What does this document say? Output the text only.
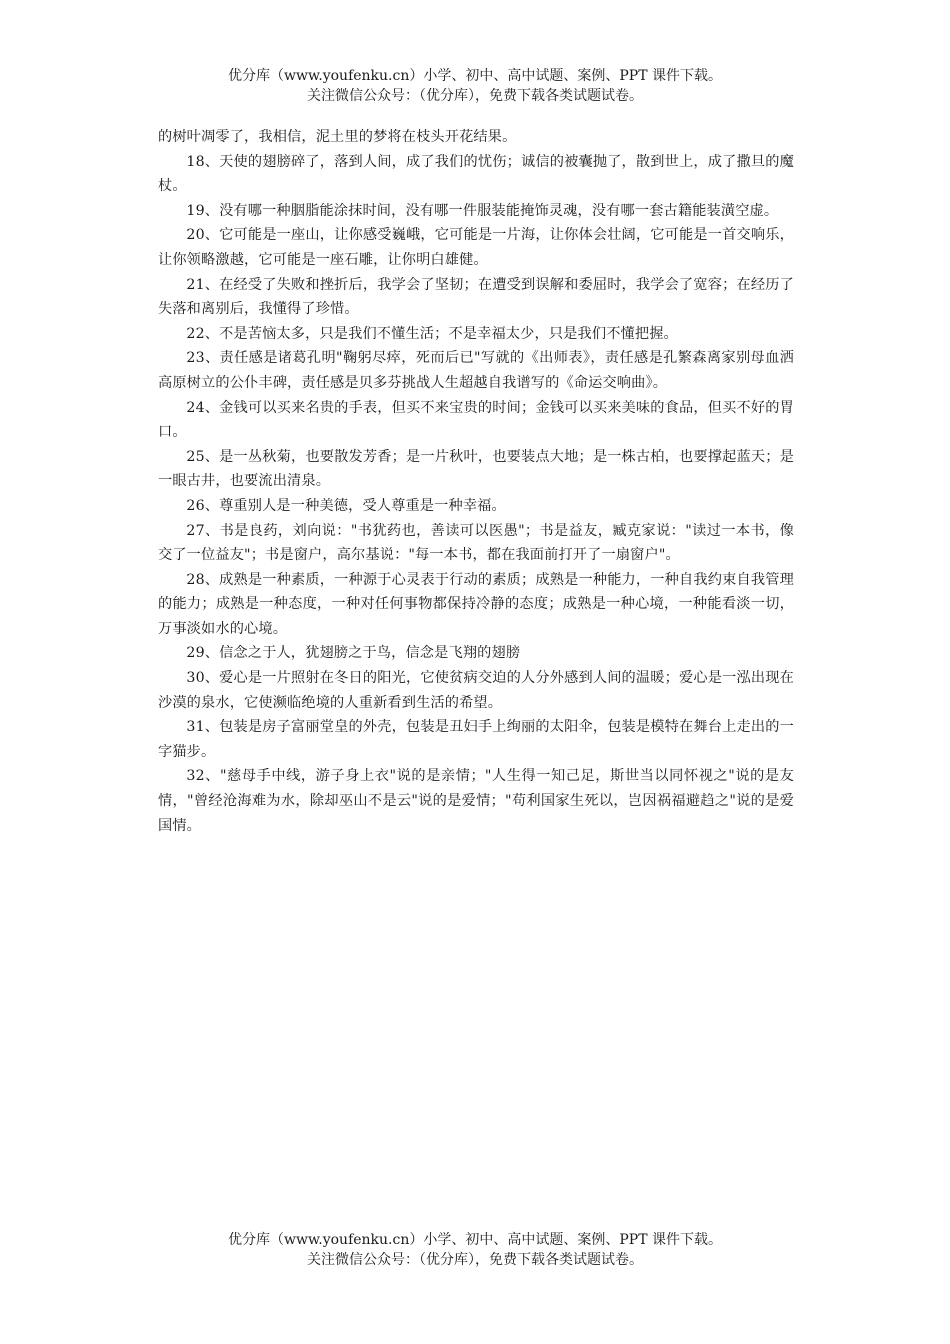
优分库（www.youfenku.cn）小学、初中、高中试题、案例、PPT 课件下载。
关注微信公众号：（优分库），免费下载各类试题试卷。

的树叶凋零了，我相信，泥土里的梦将在枝头开花结果。

18、天使的翅膀碎了，落到人间，成了我们的忧伤；诚信的被囊抛了，散到世上，成了撒旦的魔杖。

19、没有哪一种胭脂能涂抹时间，没有哪一件服装能掩饰灵魂，没有哪一套古籍能装潢空虚。

20、它可能是一座山，让你感受巍峨，它可能是一片海，让你体会壮阔，它可能是一首交响乐，让你领略激越，它可能是一座石雕，让你明白雄健。

21、在经受了失败和挫折后，我学会了坚韧；在遭受到误解和委屈时，我学会了宽容；在经历了失落和离别后，我懂得了珍惜。

22、不是苦恼太多，只是我们不懂生活；不是幸福太少，只是我们不懂把握。

23、责任感是诸葛孔明"鞠躬尽瘁，死而后已"写就的《出师表》，责任感是孔繁森离家别母血洒高原树立的公仆丰碑，责任感是贝多芬挑战人生超越自我谱写的《命运交响曲》。

24、金钱可以买来名贵的手表，但买不来宝贵的时间；金钱可以买来美味的食品，但买不好的胃口。

25、是一丛秋菊，也要散发芳香；是一片秋叶，也要装点大地；是一株古柏，也要撑起蓝天；是一眼古井，也要流出清泉。

26、尊重别人是一种美德，受人尊重是一种幸福。

27、书是良药，刘向说："书犹药也，善读可以医愚"；书是益友，臧克家说："读过一本书，像交了一位益友"；书是窗户，高尔基说："每一本书，都在我面前打开了一扇窗户"。

28、成熟是一种素质，一种源于心灵表于行动的素质；成熟是一种能力，一种自我约束自我管理的能力；成熟是一种态度，一种对任何事物都保持冷静的态度；成熟是一种心境，一种能看淡一切，万事淡如水的心境。

29、信念之于人，犹翅膀之于鸟，信念是飞翔的翅膀

30、爱心是一片照射在冬日的阳光，它使贫病交迫的人分外感到人间的温暖；爱心是一泓出现在沙漠的泉水，它使濒临绝境的人重新看到生活的希望。

31、包装是房子富丽堂皇的外壳，包装是丑妇手上绚丽的太阳伞，包装是模特在舞台上走出的一字猫步。

32、"慈母手中线，游子身上衣"说的是亲情；"人生得一知己足，斯世当以同怀视之"说的是友情，"曾经沧海难为水，除却巫山不是云"说的是爱情；"苟利国家生死以，岂因祸福避趋之"说的是爱国情。

优分库（www.youfenku.cn）小学、初中、高中试题、案例、PPT 课件下载。
关注微信公众号：（优分库），免费下载各类试题试卷。
